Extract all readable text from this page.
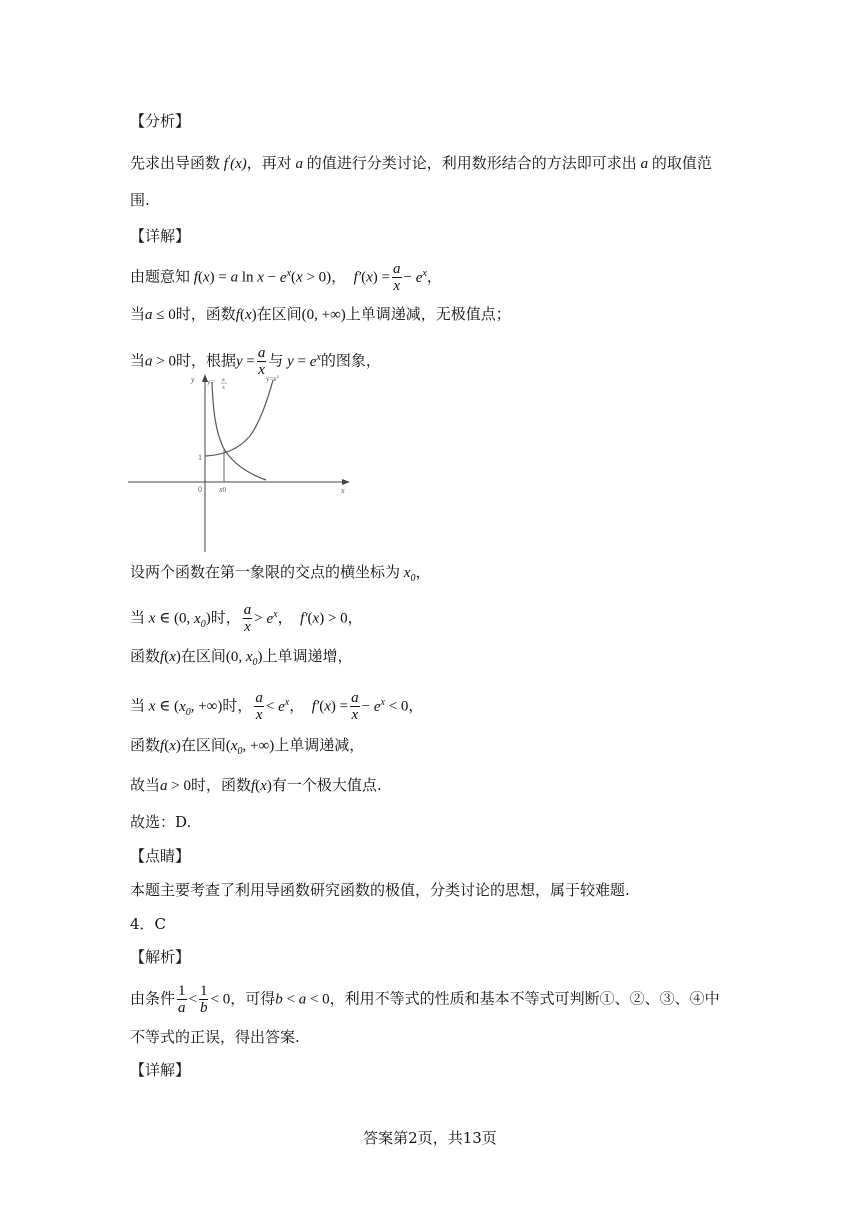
【分析】
先求出导函数 f′(x)，再对 a 的值进行分类讨论，利用数形结合的方法即可求出 a 的取值范
围.
【详解】
由题意知 f(x) = a $\ln x - e^x(x > 0)$，  $f'(x) = \frac{a}{x} - e^x$，
当a ≤ 0时，函数f(x)在区间(0, +∞)上单调递减，无极值点；
当a > 0时，根据$y = \frac{a}{x}$ 与 $y = e^x$的图象，
y
x
0
1
x0
y= a
x
$y=e^x$
设两个函数在第一象限的交点的横坐标为 $x_0$，
当 x ∈ (0, $x_0$)时， $\frac{a}{x} > e^x$，  f′(x) > 0，
函数f(x)在区间(0, $x_0$)上单调递增，
当 x ∈ ($x_0$, +∞)时， $\frac{a}{x} < e^x$，  $f'(x) = \frac{a}{x} - e^x < 0$，
函数f(x)在区间($x_0$, +∞)上单调递减，
故当a > 0时，函数f(x)有一个极大值点.
故选：D.
【点睛】
本题主要考查了利用导函数研究函数的极值，分类讨论的思想，属于较难题.
4．C
【解析】
由条件 $\frac{1}{a} < \frac{1}{b} < 0$，可得b < a < 0，利用不等式的性质和基本不等式可判断①、②、③、④中
不等式的正误，得出答案.
【详解】
答案第2页，共13页
